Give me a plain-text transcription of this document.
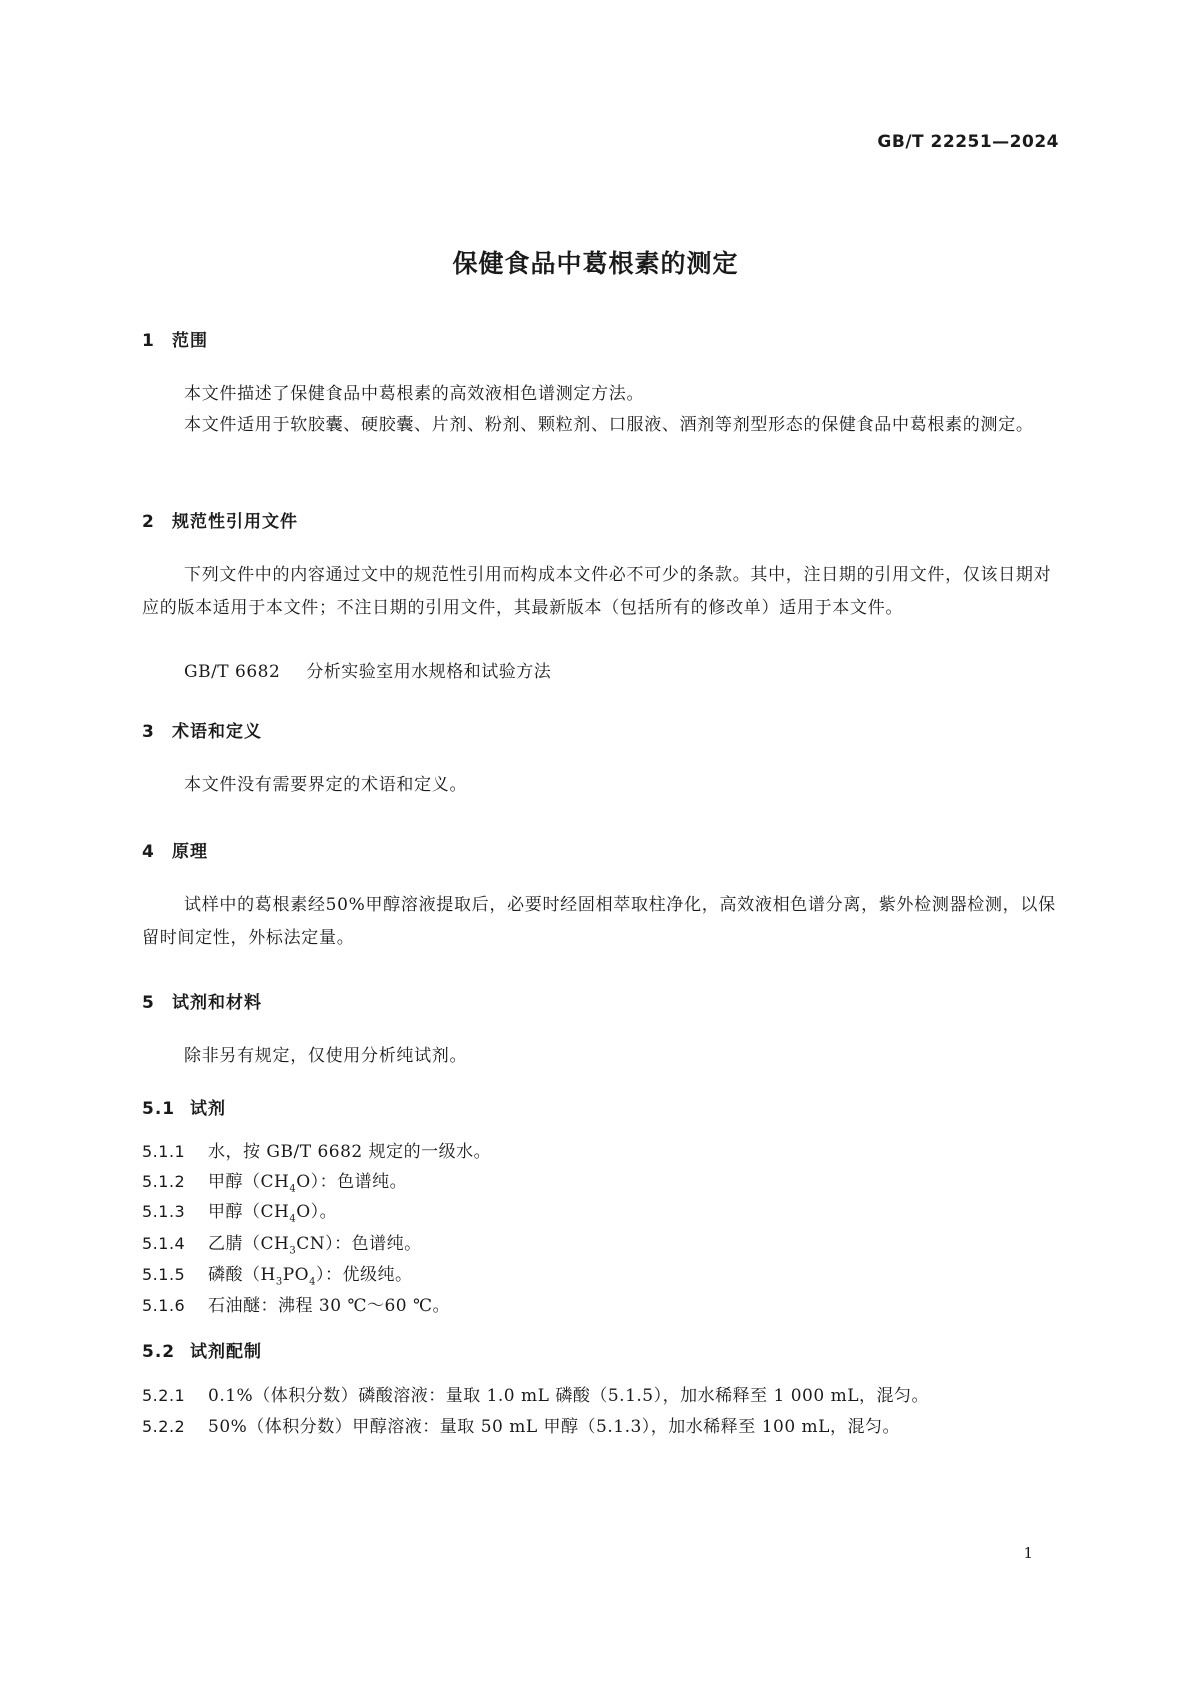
GB/T 22251—2024
保健食品中葛根素的测定
1 范围

本文件描述了保健食品中葛根素的高效液相色谱测定方法。

本文件适用于软胶囊、硬胶囊、片剂、粉剂、颗粒剂、口服液、酒剂等剂型形态的保健食品中葛根素的测定。

2 规范性引用文件

下列文件中的内容通过文中的规范性引用而构成本文件必不可少的条款。其中，注日期的引用文件，仅该日期对应的版本适用于本文件；不注日期的引用文件，其最新版本（包括所有的修改单）适用于本文件。

GB/T 6682 分析实验室用水规格和试验方法
3 术语和定义

本文件没有需要界定的术语和定义。

4 原理

试样中的葛根素经50%甲醇溶液提取后，必要时经固相萃取柱净化，高效液相色谱分离，紫外检测器检测，以保留时间定性，外标法定量。

5 试剂和材料

除非另有规定，仅使用分析纯试剂。

5.1 试剂
5.1.1 水，按 GB/T 6682 规定的一级水。
5.1.2 甲醇$(CH_4O)$：色谱纯。
5.1.3 甲醇$(CH_4O)$。
5.1.4 乙腈$(CH_3CN)$：色谱纯。
5.1.5 磷酸$(H_3PO_4)$：优级纯。
5.1.6 石油醚：沸程 30 ℃～60 ℃。
5.2 试剂配制
5.2.1 0.1%（体积分数）磷酸溶液：量取 1.0 mL 磷酸（5.1.5），加水稀释至 1 000 mL，混匀。
5.2.2 50%（体积分数）甲醇溶液：量取 50 mL 甲醇（5.1.3），加水稀释至 100 mL，混匀。
1
